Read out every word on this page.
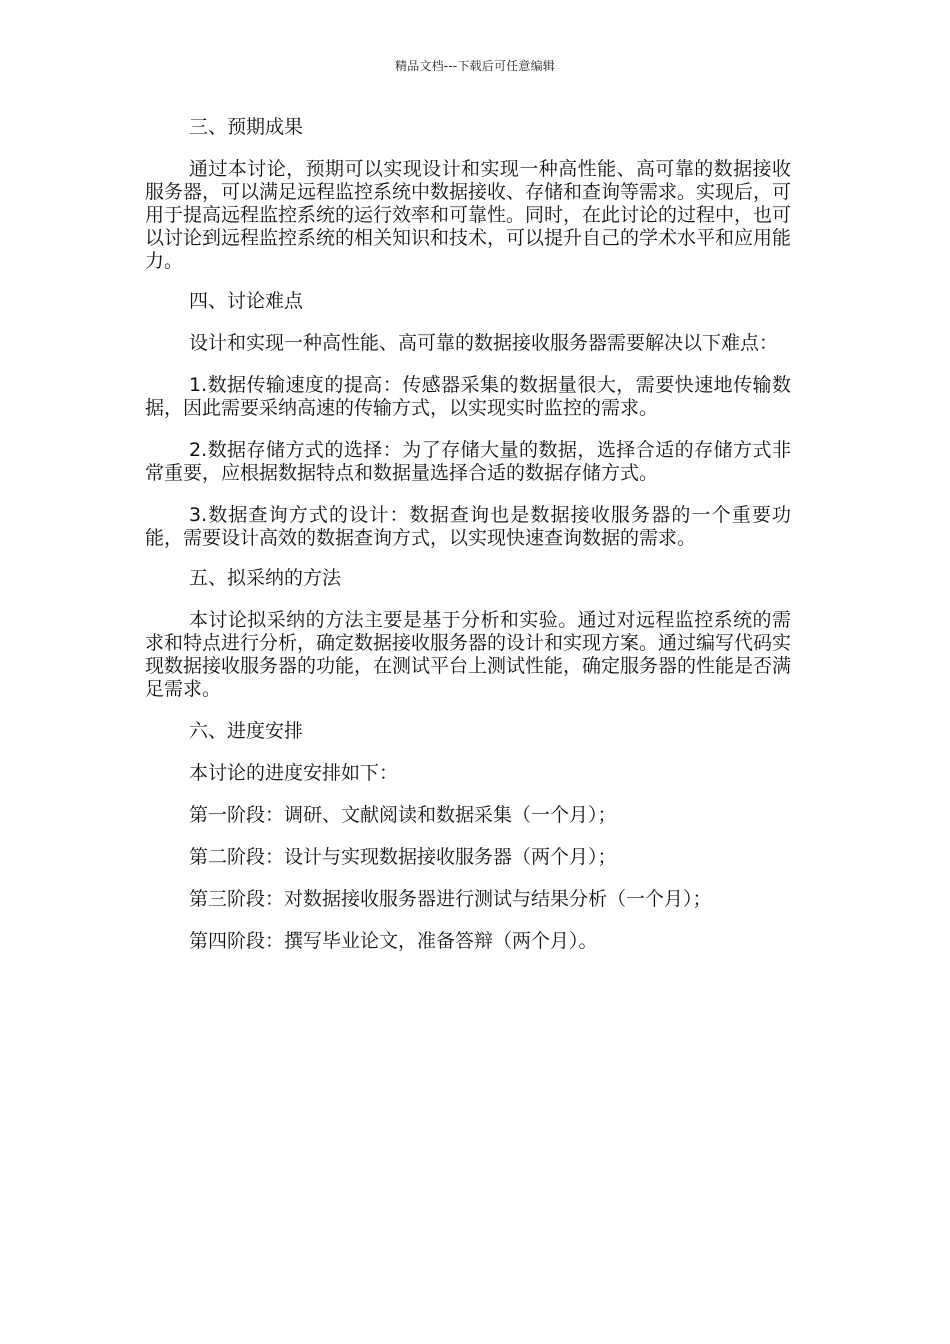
精品文档---下载后可任意编辑

三、预期成果

通过本讨论，预期可以实现设计和实现一种高性能、高可靠的数据接收服务器，可以满足远程监控系统中数据接收、存储和查询等需求。实现后，可用于提高远程监控系统的运行效率和可靠性。同时，在此讨论的过程中，也可以讨论到远程监控系统的相关知识和技术，可以提升自己的学术水平和应用能力。

四、讨论难点

设计和实现一种高性能、高可靠的数据接收服务器需要解决以下难点：

1.数据传输速度的提高：传感器采集的数据量很大，需要快速地传输数据，因此需要采纳高速的传输方式，以实现实时监控的需求。

2.数据存储方式的选择：为了存储大量的数据，选择合适的存储方式非常重要，应根据数据特点和数据量选择合适的数据存储方式。

3.数据查询方式的设计：数据查询也是数据接收服务器的一个重要功能，需要设计高效的数据查询方式，以实现快速查询数据的需求。

五、拟采纳的方法

本讨论拟采纳的方法主要是基于分析和实验。通过对远程监控系统的需求和特点进行分析，确定数据接收服务器的设计和实现方案。通过编写代码实现数据接收服务器的功能，在测试平台上测试性能，确定服务器的性能是否满足需求。

六、进度安排

本讨论的进度安排如下：

第一阶段：调研、文献阅读和数据采集（一个月）；

第二阶段：设计与实现数据接收服务器（两个月）；

第三阶段：对数据接收服务器进行测试与结果分析（一个月）；

第四阶段：撰写毕业论文，准备答辩（两个月）。
